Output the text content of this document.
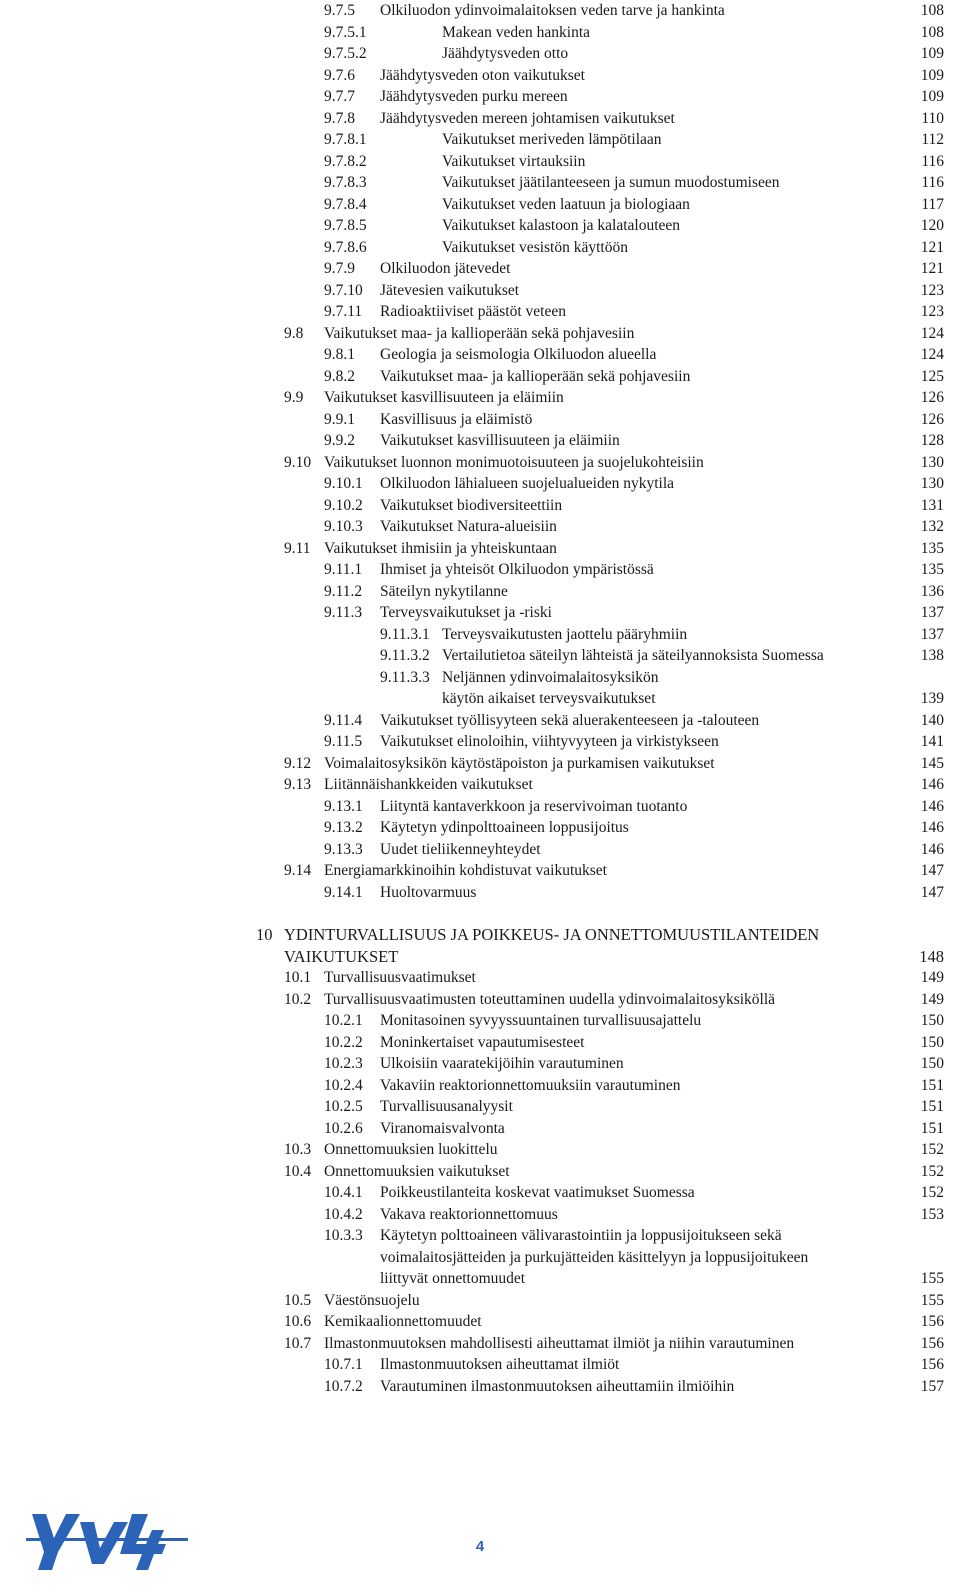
9.7.5 Olkiluodon ydinvoimalaitoksen veden tarve ja hankinta	108
9.7.5.1	Makean veden hankinta	108
9.7.5.2	Jäähdytysveden otto	109
9.7.6 Jäähdytysveden oton vaikutukset	109
9.7.7 Jäähdytysveden purku mereen	109
9.7.8 Jäähdytysveden mereen johtamisen vaikutukset	110
9.7.8.1	Vaikutukset meriveden lämpötilaan	112
9.7.8.2	Vaikutukset virtauksiin	116
9.7.8.3	Vaikutukset jäätilanteeseen ja sumun muodostumiseen	116
9.7.8.4	Vaikutukset veden laatuun ja biologiaan	117
9.7.8.5	Vaikutukset kalastoon ja kalatalouteen	120
9.7.8.6	Vaikutukset vesistön käyttöön	121
9.7.9 Olkiluodon jätevedet	121
9.7.10 Jätevesien vaikutukset	123
9.7.11 Radioaktiiviset päästöt veteen	123
9.8 Vaikutukset maa- ja kallioperään sekä pohjavesiin	124
9.8.1 Geologia ja seismologia Olkiluodon alueella	124
9.8.2 Vaikutukset maa- ja kallioperään sekä pohjavesiin	125
9.9 Vaikutukset kasvillisuuteen ja eläimiin	126
9.9.1 Kasvillisuus ja eläimistö	126
9.9.2 Vaikutukset kasvillisuuteen ja eläimiin	128
9.10 Vaikutukset luonnon monimuotoisuuteen ja suojelukohteisiin	130
9.10.1 Olkiluodon lähialueen suojelualueiden nykytila	130
9.10.2 Vaikutukset biodiversiteettiin	131
9.10.3 Vaikutukset Natura-alueisiin	132
9.11 Vaikutukset ihmisiin ja yhteiskuntaan	135
9.11.1 Ihmiset ja yhteisöt Olkiluodon ympäristössä	135
9.11.2 Säteilyn nykytilanne	136
9.11.3 Terveysvaikutukset ja -riski	137
9.11.3.1 Terveysvaikutusten jaottelu pääryhmiin	137
9.11.3.2 Vertailutietoa säteilyn lähteistä ja säteilyannoksista Suomessa	138
9.11.3.3 Neljännen ydinvoimalaitosyksikön
käytön aikaiset terveysvaikutukset	139
9.11.4 Vaikutukset työllisyyteen sekä aluerakenteeseen ja -talouteen	140
9.11.5 Vaikutukset elinoloihin, viihtyvyyteen ja virkistykseen	141
9.12 Voimalaitosyksikön käytöstäpoiston ja purkamisen vaikutukset	145
9.13 Liitännäishankkeiden vaikutukset	146
9.13.1 Liityntä kantaverkkoon ja reservivoiman tuotanto	146
9.13.2 Käytetyn ydinpolttoaineen loppusijoitus	146
9.13.3 Uudet tieliikenneyhteydet	146
9.14 Energiamarkkinoihin kohdistuvat vaikutukset	147
9.14.1 Huoltovarmuus	147
10 YDINTURVALLISUUS JA POIKKEUS- JA ONNETTOMUUSTILANTEIDEN
VAIKUTUKSET	148
10.1 Turvallisuusvaatimukset	149
10.2 Turvallisuusvaatimusten toteuttaminen uudella ydinvoimalaitosyksiköllä	149
10.2.1 Monitasoinen syvyyssuuntainen turvallisuusajattelu	150
10.2.2 Moninkertaiset vapautumisesteet	150
10.2.3 Ulkoisiin vaaratekijöihin varautuminen	150
10.2.4 Vakaviin reaktorionnettomuuksiin varautuminen	151
10.2.5 Turvallisuusanalyysit	151
10.2.6 Viranomaisvalvonta	151
10.3 Onnettomuuksien luokittelu	152
10.4 Onnettomuuksien vaikutukset	152
10.4.1 Poikkeustilanteita koskevat vaatimukset Suomessa	152
10.4.2 Vakava reaktorionnettomuus	153
10.3.3 Käytetyn polttoaineen välivarastointiin ja loppusijoitukseen sekä
voimalaitosjätteiden ja purkujätteiden käsittelyyn ja loppusijoitukeen
liittyvät onnettomuudet	155
10.5 Väestönsuojelu	155
10.6 Kemikaalionnettomuudet	156
10.7 Ilmastonmuutoksen mahdollisesti aiheuttamat ilmiöt ja niihin varautuminen	156
10.7.1 Ilmastonmuutoksen aiheuttamat ilmiöt	156
10.7.2 Varautuminen ilmastonmuutoksen aiheuttamiin ilmiöihin	157
4
